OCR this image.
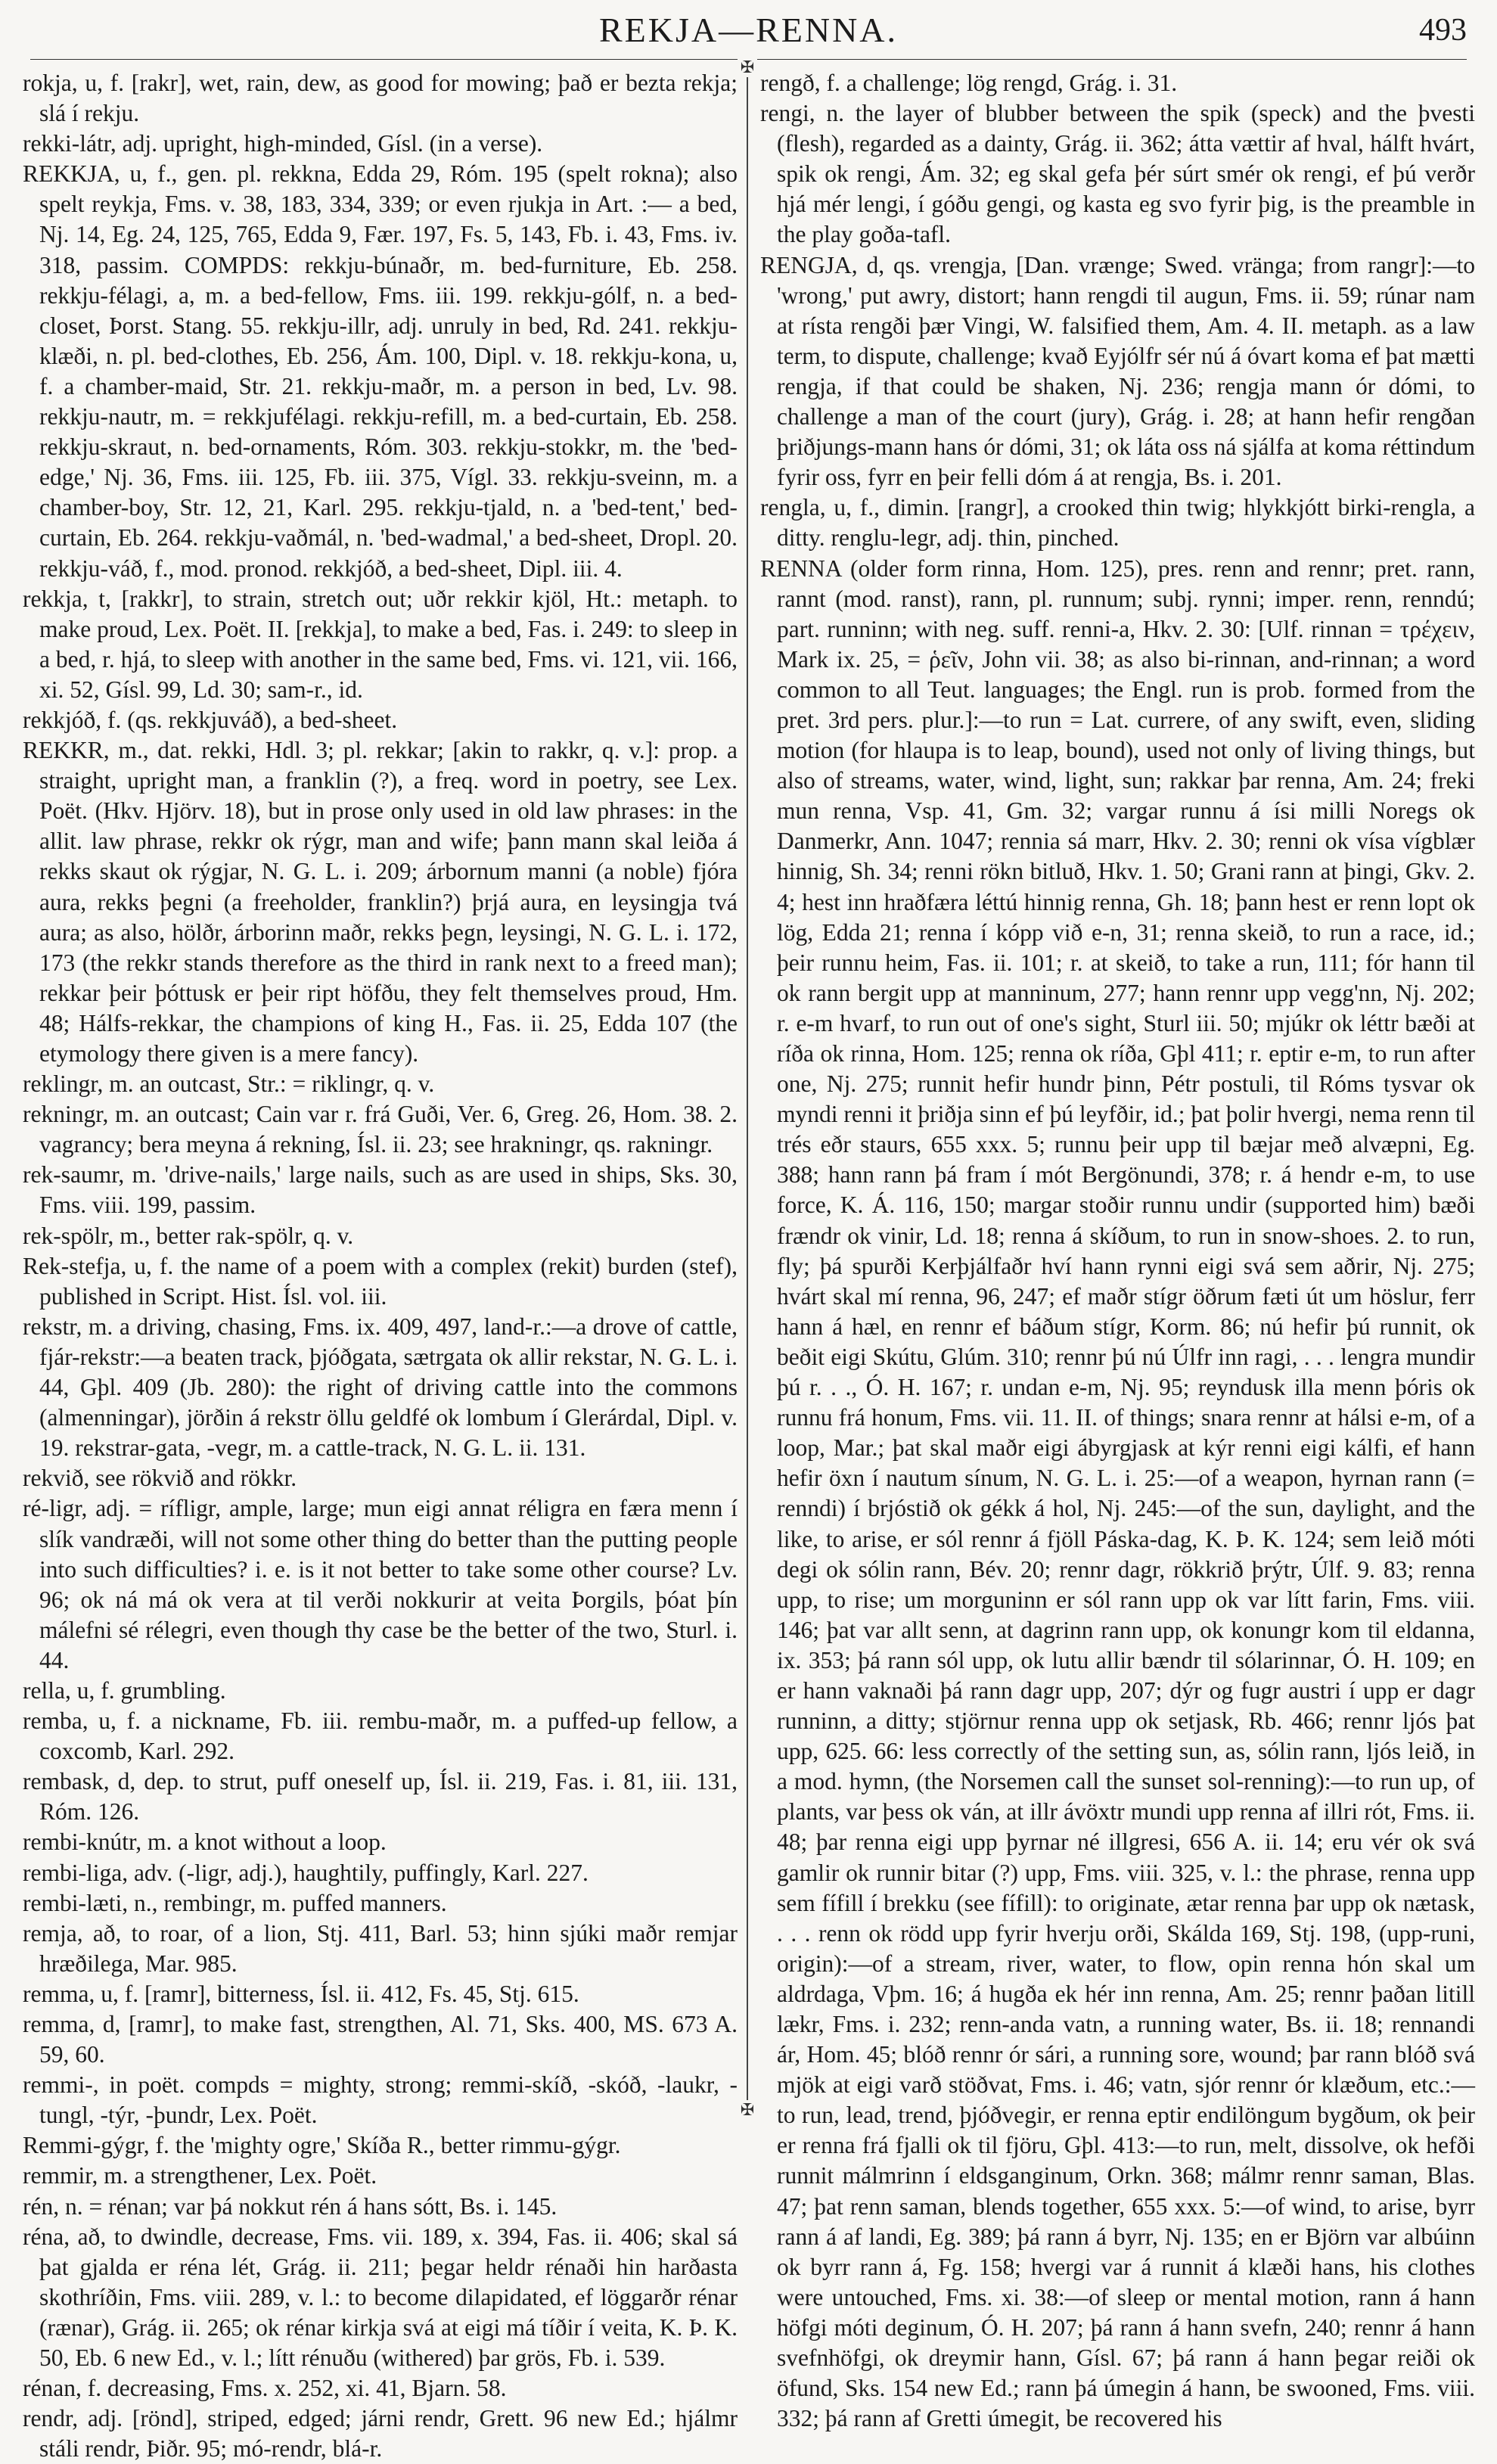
REKJA—RENNA.	493
✠
✠

rokja, u, f. [rakr], wet, rain, dew, as good for mowing; það er bezta rekja; slá í rekju.

rekki-látr, adj. upright, high-minded, Gísl. (in a verse).

REKKJA, u, f., gen. pl. rekkna, Edda 29, Róm. 195 (spelt rokna); also spelt reykja, Fms. v. 38, 183, 334, 339; or even rjukja in Art. :— a bed, Nj. 14, Eg. 24, 125, 765, Edda 9, Fær. 197, Fs. 5, 143, Fb. i. 43, Fms. iv. 318, passim. COMPDS: rekkju-búnaðr, m. bed-furniture, Eb. 258. rekkju-félagi, a, m. a bed-fellow, Fms. iii. 199. rekkju-gólf, n. a bed-closet, Þorst. Stang. 55. rekkju-illr, adj. unruly in bed, Rd. 241. rekkju-klæði, n. pl. bed-clothes, Eb. 256, Ám. 100, Dipl. v. 18. rekkju-kona, u, f. a chamber-maid, Str. 21. rekkju-maðr, m. a person in bed, Lv. 98. rekkju-nautr, m. = rekkjufélagi. rekkju-refill, m. a bed-curtain, Eb. 258. rekkju-skraut, n. bed-ornaments, Róm. 303. rekkju-stokkr, m. the 'bed-edge,' Nj. 36, Fms. iii. 125, Fb. iii. 375, Vígl. 33. rekkju-sveinn, m. a chamber-boy, Str. 12, 21, Karl. 295. rekkju-tjald, n. a 'bed-tent,' bed-curtain, Eb. 264. rekkju-vaðmál, n. 'bed-wadmal,' a bed-sheet, Dropl. 20. rekkju-váð, f., mod. pronod. rekkjóð, a bed-sheet, Dipl. iii. 4.

rekkja, t, [rakkr], to strain, stretch out; uðr rekkir kjöl, Ht.: metaph. to make proud, Lex. Poët. II. [rekkja], to make a bed, Fas. i. 249: to sleep in a bed, r. hjá, to sleep with another in the same bed, Fms. vi. 121, vii. 166, xi. 52, Gísl. 99, Ld. 30; sam-r., id.

rekkjóð, f. (qs. rekkjuváð), a bed-sheet.

REKKR, m., dat. rekki, Hdl. 3; pl. rekkar; [akin to rakkr, q. v.]: prop. a straight, upright man, a franklin (?), a freq. word in poetry, see Lex. Poët. (Hkv. Hjörv. 18), but in prose only used in old law phrases: in the allit. law phrase, rekkr ok rýgr, man and wife; þann mann skal leiða á rekks skaut ok rýgjar, N. G. L. i. 209; árbornum manni (a noble) fjóra aura, rekks þegni (a freeholder, franklin?) þrjá aura, en leysingja tvá aura; as also, hölðr, árborinn maðr, rekks þegn, leysingi, N. G. L. i. 172, 173 (the rekkr stands therefore as the third in rank next to a freed man); rekkar þeir þóttusk er þeir ript höfðu, they felt themselves proud, Hm. 48; Hálfs-rekkar, the champions of king H., Fas. ii. 25, Edda 107 (the etymology there given is a mere fancy).

reklingr, m. an outcast, Str.: = riklingr, q. v.

rekningr, m. an outcast; Cain var r. frá Guði, Ver. 6, Greg. 26, Hom. 38. 2. vagrancy; bera meyna á rekning, Ísl. ii. 23; see hrakningr, qs. rakningr.

rek-saumr, m. 'drive-nails,' large nails, such as are used in ships, Sks. 30, Fms. viii. 199, passim.

rek-spölr, m., better rak-spölr, q. v.

Rek-stefja, u, f. the name of a poem with a complex (rekit) burden (stef), published in Script. Hist. Ísl. vol. iii.

rekstr, m. a driving, chasing, Fms. ix. 409, 497, land-r.:—a drove of cattle, fjár-rekstr:—a beaten track, þjóðgata, sætrgata ok allir rekstar, N. G. L. i. 44, Gþl. 409 (Jb. 280): the right of driving cattle into the commons (almenningar), jörðin á rekstr öllu geldfé ok lombum í Glerárdal, Dipl. v. 19. rekstrar-gata, -vegr, m. a cattle-track, N. G. L. ii. 131.

rekvið, see rökvið and rökkr.

ré-ligr, adj. = rífligr, ample, large; mun eigi annat réligra en færa menn í slík vandræði, will not some other thing do better than the putting people into such difficulties? i. e. is it not better to take some other course? Lv. 96; ok ná má ok vera at til verði nokkurir at veita Þorgils, þóat þín málefni sé rélegri, even though thy case be the better of the two, Sturl. i. 44.

rella, u, f. grumbling.

remba, u, f. a nickname, Fb. iii. rembu-maðr, m. a puffed-up fellow, a coxcomb, Karl. 292.

rembask, d, dep. to strut, puff oneself up, Ísl. ii. 219, Fas. i. 81, iii. 131, Róm. 126.

rembi-knútr, m. a knot without a loop.

rembi-liga, adv. (-ligr, adj.), haughtily, puffingly, Karl. 227.

rembi-læti, n., rembingr, m. puffed manners.

remja, að, to roar, of a lion, Stj. 411, Barl. 53; hinn sjúki maðr remjar hræðilega, Mar. 985.

remma, u, f. [ramr], bitterness, Ísl. ii. 412, Fs. 45, Stj. 615.

remma, d, [ramr], to make fast, strengthen, Al. 71, Sks. 400, MS. 673 A. 59, 60.

remmi-, in poët. compds = mighty, strong; remmi-skíð, -skóð, -laukr, -tungl, -týr, -þundr, Lex. Poët.

Remmi-gýgr, f. the 'mighty ogre,' Skíða R., better rimmu-gýgr.

remmir, m. a strengthener, Lex. Poët.

rén, n. = rénan; var þá nokkut rén á hans sótt, Bs. i. 145.

réna, að, to dwindle, decrease, Fms. vii. 189, x. 394, Fas. ii. 406; skal sá þat gjalda er réna lét, Grág. ii. 211; þegar heldr rénaði hin harðasta skothríðin, Fms. viii. 289, v. l.: to become dilapidated, ef löggarðr rénar (rænar), Grág. ii. 265; ok rénar kirkja svá at eigi má tíðir í veita, K. Þ. K. 50, Eb. 6 new Ed., v. l.; lítt rénuðu (withered) þar grös, Fb. i. 539.

rénan, f. decreasing, Fms. x. 252, xi. 41, Bjarn. 58.

rendr, adj. [rönd], striped, edged; járni rendr, Grett. 96 new Ed.; hjálmr stáli rendr, Þiðr. 95; mó-rendr, blá-r.

rengð, f. a challenge; lög rengd, Grág. i. 31.

rengi, n. the layer of blubber between the spik (speck) and the þvesti (flesh), regarded as a dainty, Grág. ii. 362; átta vættir af hval, hálft hvárt, spik ok rengi, Ám. 32; eg skal gefa þér súrt smér ok rengi, ef þú verðr hjá mér lengi, í góðu gengi, og kasta eg svo fyrir þig, is the preamble in the play goða-tafl.

RENGJA, d, qs. vrengja, [Dan. vrænge; Swed. vränga; from rangr]:—to 'wrong,' put awry, distort; hann rengdi til augun, Fms. ii. 59; rúnar nam at rísta rengði þær Vingi, W. falsified them, Am. 4. II. metaph. as a law term, to dispute, challenge; kvað Eyjólfr sér nú á óvart koma ef þat mætti rengja, if that could be shaken, Nj. 236; rengja mann ór dómi, to challenge a man of the court (jury), Grág. i. 28; at hann hefir rengðan þriðjungs-mann hans ór dómi, 31; ok láta oss ná sjálfa at koma réttindum fyrir oss, fyrr en þeir felli dóm á at rengja, Bs. i. 201.

rengla, u, f., dimin. [rangr], a crooked thin twig; hlykkjótt birki-rengla, a ditty. renglu-legr, adj. thin, pinched.

RENNA (older form rinna, Hom. 125), pres. renn and rennr; pret. rann, rannt (mod. ranst), rann, pl. runnum; subj. rynni; imper. renn, renndú; part. runninn; with neg. suff. renni-a, Hkv. 2. 30: [Ulf. rinnan = τρέχειν, Mark ix. 25, = ῥεῖν, John vii. 38; as also bi-rinnan, and-rinnan; a word common to all Teut. languages; the Engl. run is prob. formed from the pret. 3rd pers. plur.]:—to run = Lat. currere, of any swift, even, sliding motion (for hlaupa is to leap, bound), used not only of living things, but also of streams, water, wind, light, sun; rakkar þar renna, Am. 24; freki mun renna, Vsp. 41, Gm. 32; vargar runnu á ísi milli Noregs ok Danmerkr, Ann. 1047; rennia sá marr, Hkv. 2. 30; renni ok vísa vígblær hinnig, Sh. 34; renni rökn bitluð, Hkv. 1. 50; Grani rann at þingi, Gkv. 2. 4; hest inn hraðfæra léttú hinnig renna, Gh. 18; þann hest er renn lopt ok lög, Edda 21; renna í kópp við e-n, 31; renna skeið, to run a race, id.; þeir runnu heim, Fas. ii. 101; r. at skeið, to take a run, 111; fór hann til ok rann bergit upp at manninum, 277; hann rennr upp vegg'nn, Nj. 202; r. e-m hvarf, to run out of one's sight, Sturl iii. 50; mjúkr ok léttr bæði at ríða ok rinna, Hom. 125; renna ok ríða, Gþl 411; r. eptir e-m, to run after one, Nj. 275; runnit hefir hundr þinn, Pétr postuli, til Róms tysvar ok myndi renni it þriðja sinn ef þú leyfðir, id.; þat þolir hvergi, nema renn til trés eðr staurs, 655 xxx. 5; runnu þeir upp til bæjar með alvæpni, Eg. 388; hann rann þá fram í mót Bergönundi, 378; r. á hendr e-m, to use force, K. Á. 116, 150; margar stoðir runnu undir (supported him) bæði frændr ok vinir, Ld. 18; renna á skíðum, to run in snow-shoes. 2. to run, fly; þá spurði Kerþjálfaðr hví hann rynni eigi svá sem aðrir, Nj. 275; hvárt skal mí renna, 96, 247; ef maðr stígr öðrum fæti út um höslur, ferr hann á hæl, en rennr ef báðum stígr, Korm. 86; nú hefir þú runnit, ok beðit eigi Skútu, Glúm. 310; rennr þú nú Úlfr inn ragi, . . . lengra mundir þú r. . ., Ó. H. 167; r. undan e-m, Nj. 95; reyndusk illa menn þóris ok runnu frá honum, Fms. vii. 11. II. of things; snara rennr at hálsi e-m, of a loop, Mar.; þat skal maðr eigi ábyrgjask at kýr renni eigi kálfi, ef hann hefir öxn í nautum sínum, N. G. L. i. 25:—of a weapon, hyrnan rann (= renndi) í brjóstið ok gékk á hol, Nj. 245:—of the sun, daylight, and the like, to arise, er sól rennr á fjöll Páska-dag, K. Þ. K. 124; sem leið móti degi ok sólin rann, Bév. 20; rennr dagr, rökkrið þrýtr, Úlf. 9. 83; renna upp, to rise; um morguninn er sól rann upp ok var lítt farin, Fms. viii. 146; þat var allt senn, at dagrinn rann upp, ok konungr kom til eldanna, ix. 353; þá rann sól upp, ok lutu allir bændr til sólarinnar, Ó. H. 109; en er hann vaknaði þá rann dagr upp, 207; dýr og fugr austri í upp er dagr runninn, a ditty; stjörnur renna upp ok setjask, Rb. 466; rennr ljós þat upp, 625. 66: less correctly of the setting sun, as, sólin rann, ljós leið, in a mod. hymn, (the Norsemen call the sunset sol-renning):—to run up, of plants, var þess ok ván, at illr ávöxtr mundi upp renna af illri rót, Fms. ii. 48; þar renna eigi upp þyrnar né illgresi, 656 A. ii. 14; eru vér ok svá gamlir ok runnir bitar (?) upp, Fms. viii. 325, v. l.: the phrase, renna upp sem fífill í brekku (see fífill): to originate, ætar renna þar upp ok nætask, . . . renn ok rödd upp fyrir hverju orði, Skálda 169, Stj. 198, (upp-runi, origin):—of a stream, river, water, to flow, opin renna hón skal um aldrdaga, Vþm. 16; á hugða ek hér inn renna, Am. 25; rennr þaðan litill lækr, Fms. i. 232; renn-anda vatn, a running water, Bs. ii. 18; rennandi ár, Hom. 45; blóð rennr ór sári, a running sore, wound; þar rann blóð svá mjök at eigi varð stöðvat, Fms. i. 46; vatn, sjór rennr ór klæðum, etc.:—to run, lead, trend, þjóðvegir, er renna eptir endilöngum bygðum, ok þeir er renna frá fjalli ok til fjöru, Gþl. 413:—to run, melt, dissolve, ok hefði runnit málmrinn í eldsganginum, Orkn. 368; málmr rennr saman, Blas. 47; þat renn saman, blends together, 655 xxx. 5:—of wind, to arise, byrr rann á af landi, Eg. 389; þá rann á byrr, Nj. 135; en er Björn var albúinn ok byrr rann á, Fg. 158; hvergi var á runnit á klæði hans, his clothes were untouched, Fms. xi. 38:—of sleep or mental motion, rann á hann höfgi móti deginum, Ó. H. 207; þá rann á hann svefn, 240; rennr á hann svefnhöfgi, ok dreymir hann, Gísl. 67; þá rann á hann þegar reiði ok öfund, Sks. 154 new Ed.; rann þá úmegin á hann, be swooned, Fms. viii. 332; þá rann af Gretti úmegit, be recovered his
